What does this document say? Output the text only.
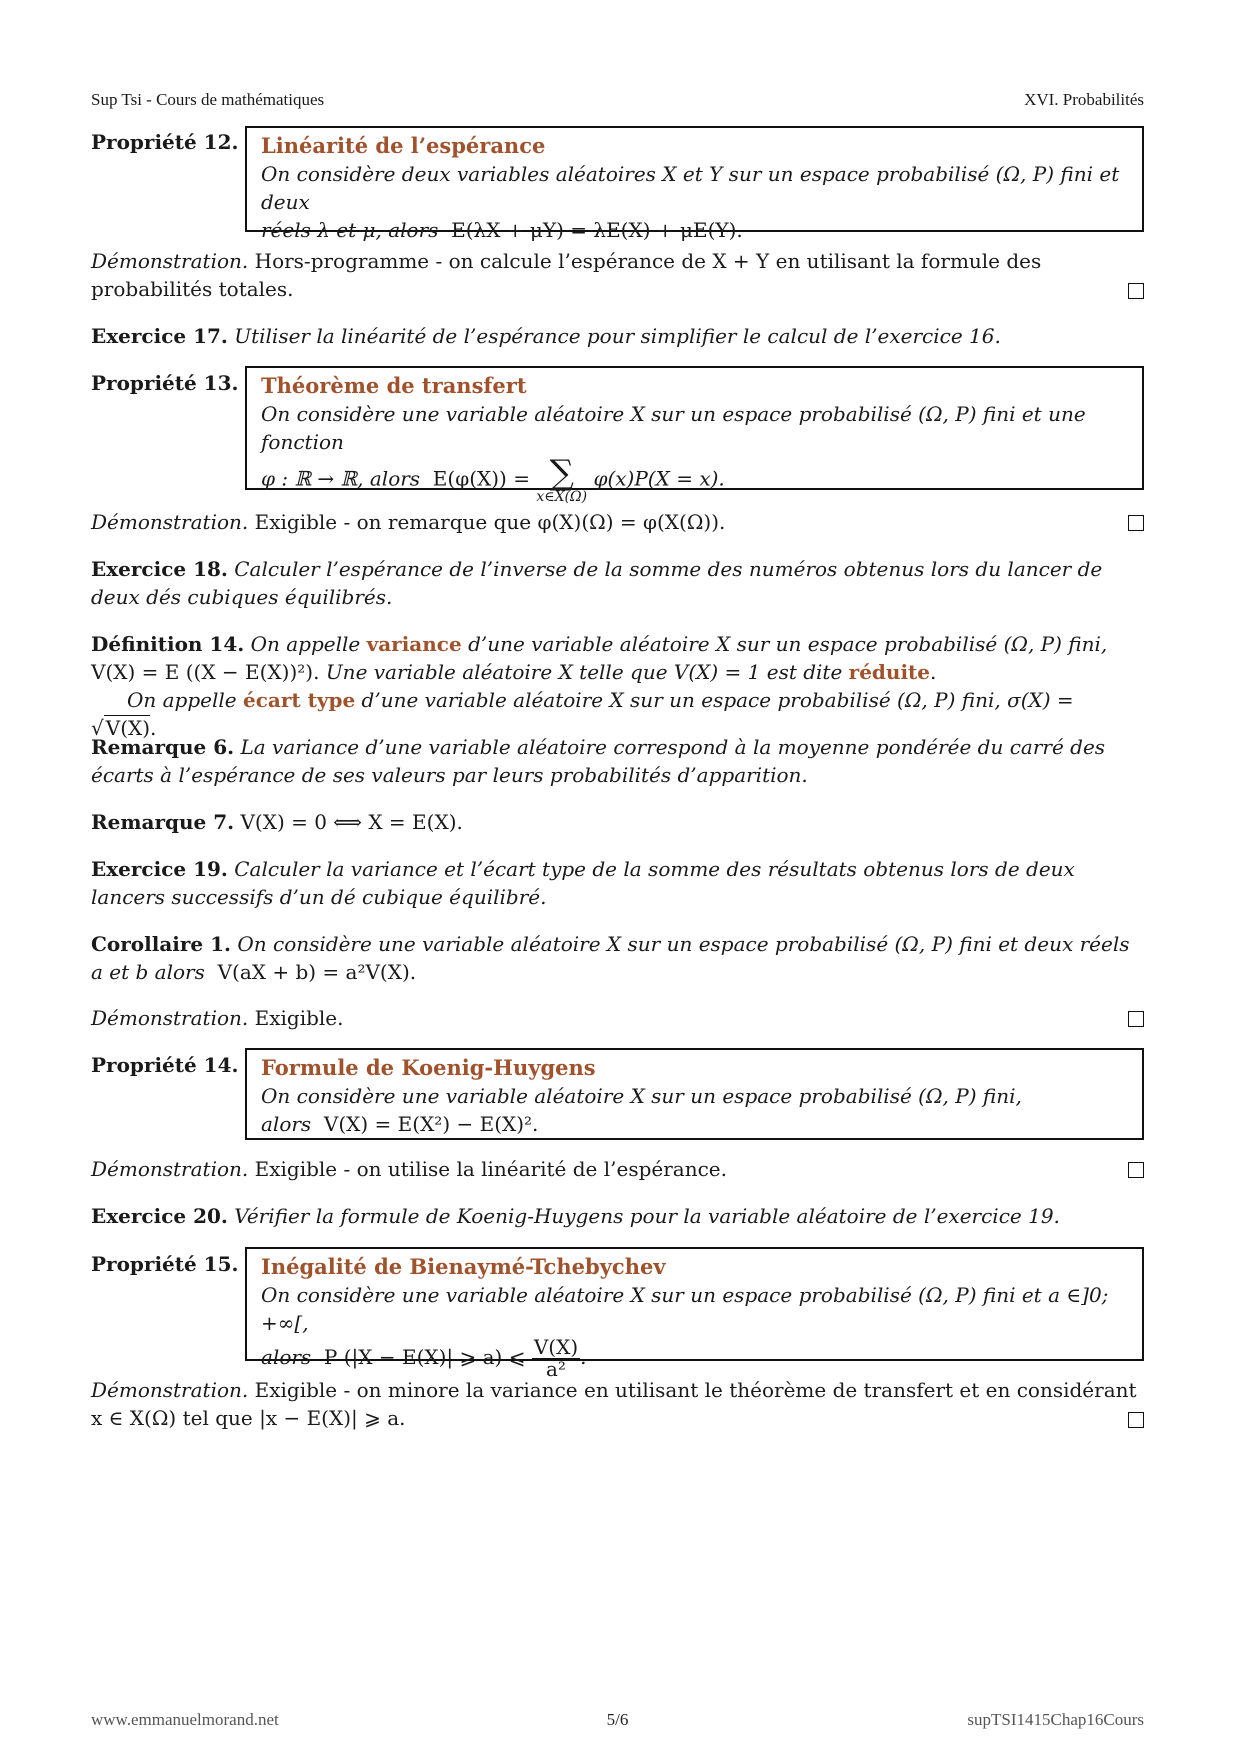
Sup Tsi - Cours de mathématiques	XVI. Probabilités
Propriété 12.	Linéarité de l’espérance
On considère deux variables aléatoires X et Y sur un espace probabilisé (Ω, P) fini et deux
réels λ et μ, alors E(λX + μY) = λE(X) + μE(Y).
Démonstration. Hors-programme - on calcule l’espérance de X + Y en utilisant la formule des probabilités totales.
Exercice 17. Utiliser la linéarité de l’espérance pour simplifier le calcul de l’exercice 16.
Propriété 13.	Théorème de transfert
On considère une variable aléatoire X sur un espace probabilisé (Ω, P) fini et une fonction
φ : ℝ → ℝ, alors E(φ(X)) = ∑
x∈X(Ω)
φ(x)P(X = x).
Démonstration. Exigible - on remarque que φ(X)(Ω) = φ(X(Ω)).
Exercice 18. Calculer l’espérance de l’inverse de la somme des numéros obtenus lors du lancer de deux dés cubiques équilibrés.
Définition 14. On appelle variance d’une variable aléatoire X sur un espace probabilisé (Ω, P) fini, V(X) = E ((X − E(X))²). Une variable aléatoire X telle que V(X) = 1 est dite réduite.
On appelle écart type d’une variable aléatoire X sur un espace probabilisé (Ω, P) fini, σ(X) = √ V(X).
Remarque 6. La variance d’une variable aléatoire correspond à la moyenne pondérée du carré des écarts à l’espérance de ses valeurs par leurs probabilités d’apparition.
Remarque 7. V(X) = 0 ⟺ X = E(X).
Exercice 19. Calculer la variance et l’écart type de la somme des résultats obtenus lors de deux lancers successifs d’un dé cubique équilibré.
Corollaire 1. On considère une variable aléatoire X sur un espace probabilisé (Ω, P) fini et deux réels a et b alors V(aX + b) = a²V(X).
Démonstration. Exigible.
Propriété 14.	Formule de Koenig-Huygens
On considère une variable aléatoire X sur un espace probabilisé (Ω, P) fini,
alors V(X) = E(X²) − E(X)².
Démonstration. Exigible - on utilise la linéarité de l’espérance.
Exercice 20. Vérifier la formule de Koenig-Huygens pour la variable aléatoire de l’exercice 19.
Propriété 15.	Inégalité de Bienaymé-Tchebychev
On considère une variable aléatoire X sur un espace probabilisé (Ω, P) fini et a ∈]0; +∞[,
alors P (|X − E(X)| ⩾ a) ⩽ $\frac{V(X)}{\text{a²}}$ .
Démonstration. Exigible - on minore la variance en utilisant le théorème de transfert et en considérant x ∈ X(Ω) tel que |x − E(X)| ⩾ a.
www.emmanuelmorand.net	5/6	supTSI1415Chap16Cours
